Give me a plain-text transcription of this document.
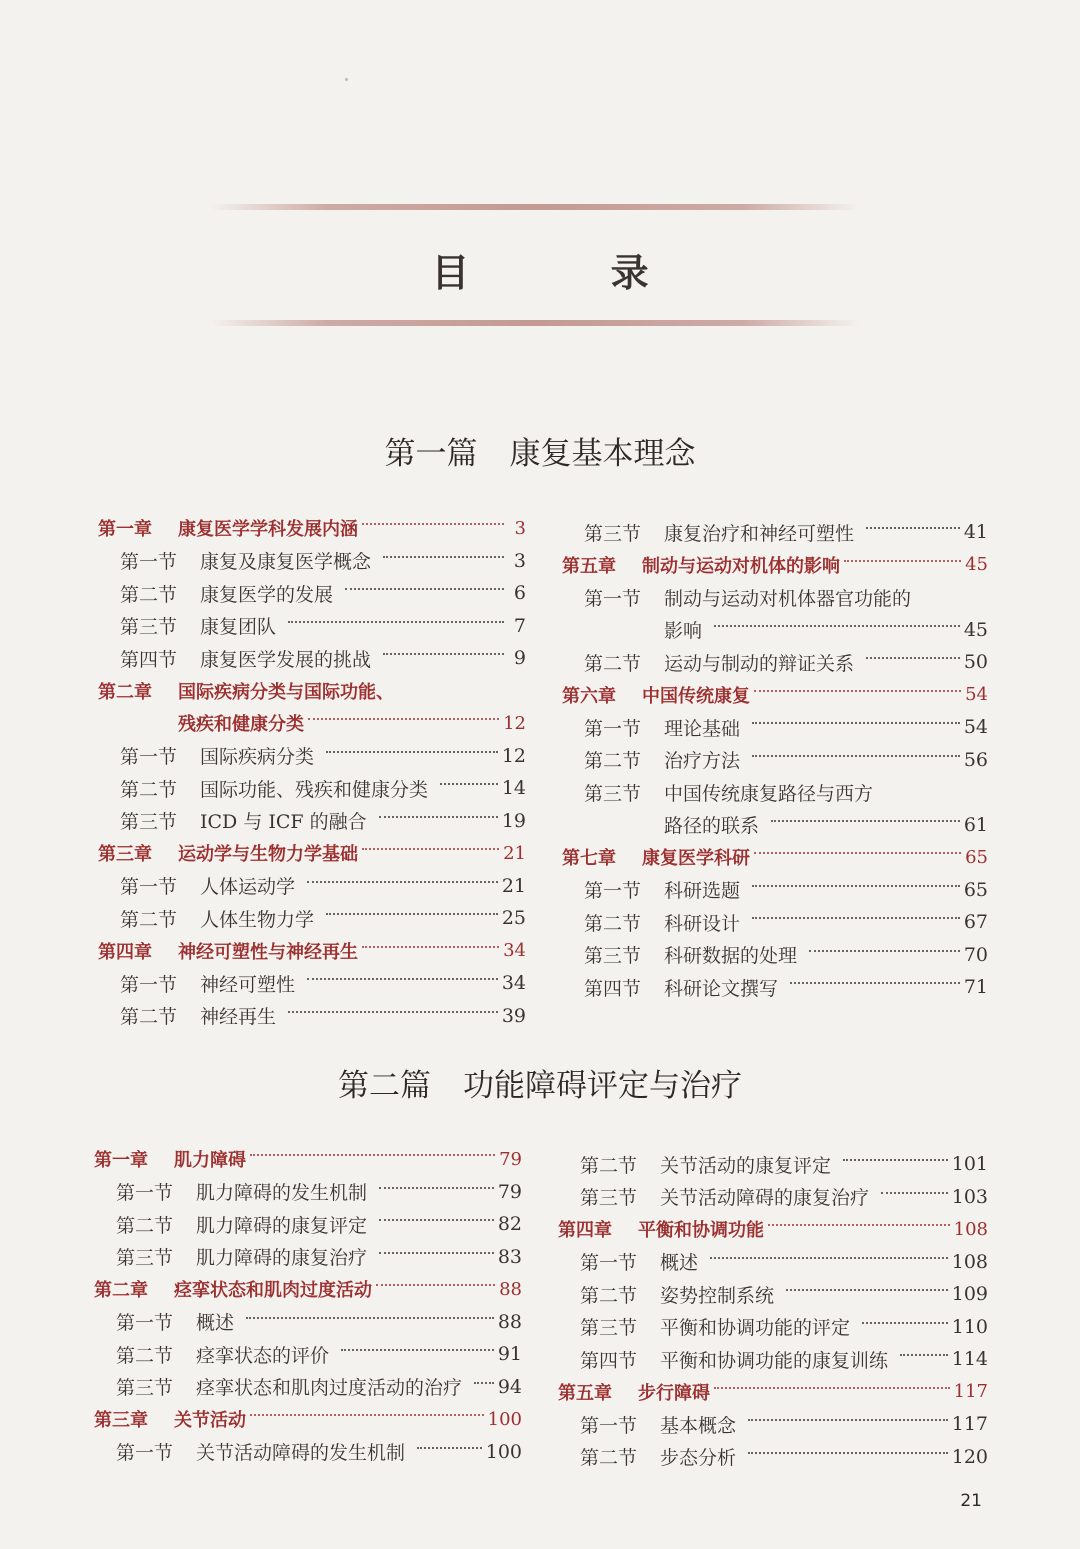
目 录
第一篇 康复基本理念
第一章	康复医学学科发展内涵	3
第一节	康复及康复医学概念	3
第二节	康复医学的发展	6
第三节	康复团队	7
第四节	康复医学发展的挑战	9
第二章	国际疾病分类与国际功能、
残疾和健康分类	12
第一节	国际疾病分类	12
第二节	国际功能、残疾和健康分类	14
第三节	ICD 与 ICF 的融合	19
第三章	运动学与生物力学基础	21
第一节	人体运动学	21
第二节	人体生物力学	25
第四章	神经可塑性与神经再生	34
第一节	神经可塑性	34
第二节	神经再生	39
第三节	康复治疗和神经可塑性	41
第五章	制动与运动对机体的影响	45
第一节	制动与运动对机体器官功能的
影响	45
第二节	运动与制动的辩证关系	50
第六章	中国传统康复	54
第一节	理论基础	54
第二节	治疗方法	56
第三节	中国传统康复路径与西方
路径的联系	61
第七章	康复医学科研	65
第一节	科研选题	65
第二节	科研设计	67
第三节	科研数据的处理	70
第四节	科研论文撰写	71
第二篇 功能障碍评定与治疗
第一章	肌力障碍	79
第一节	肌力障碍的发生机制	79
第二节	肌力障碍的康复评定	82
第三节	肌力障碍的康复治疗	83
第二章	痉挛状态和肌肉过度活动	88
第一节	概述	88
第二节	痉挛状态的评价	91
第三节	痉挛状态和肌肉过度活动的治疗 94
第三章	关节活动	100
第一节	关节活动障碍的发生机制	100
第二节	关节活动的康复评定	101
第三节	关节活动障碍的康复治疗	103
第四章	平衡和协调功能	108
第一节	概述	108
第二节	姿势控制系统	109
第三节	平衡和协调功能的评定	110
第四节	平衡和协调功能的康复训练	114
第五章	步行障碍	117
第一节	基本概念	117
第二节	步态分析	120
21
